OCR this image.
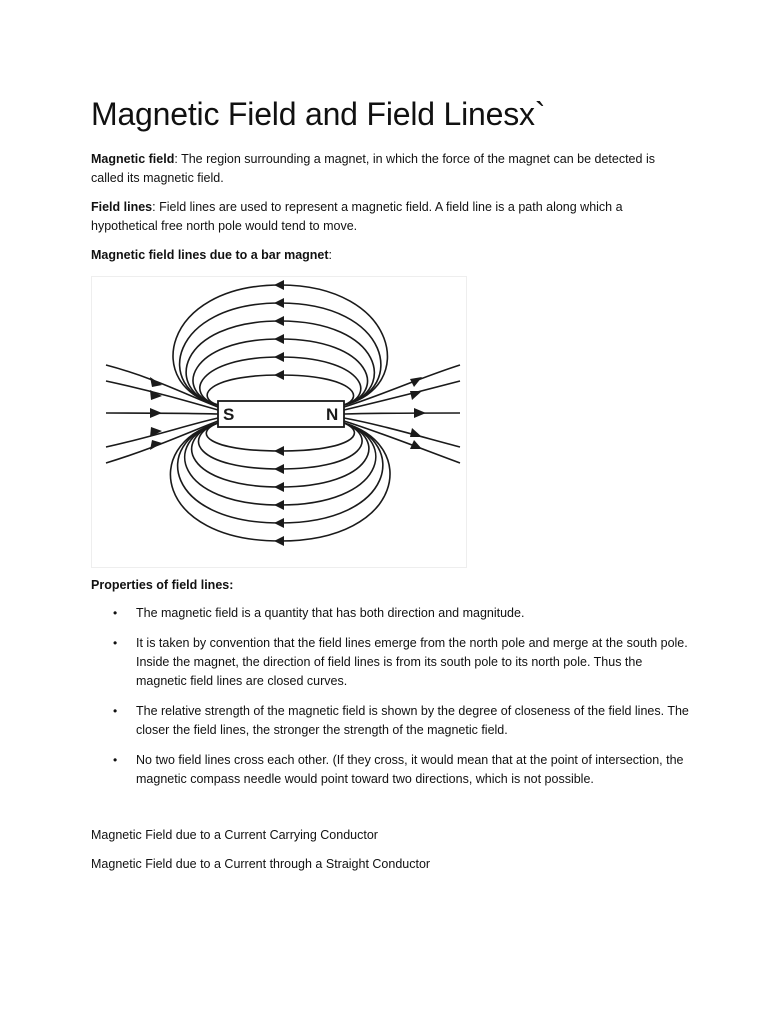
Magnetic Field and Field Linesx`

Magnetic field: The region surrounding a magnet, in which the force of the magnet can be detected is called its magnetic field.

Field lines: Field lines are used to represent a magnetic field. A field line is a path along which a hypothetical free north pole would tend to move.

Magnetic field lines due to a bar magnet:

S	N

Properties of field lines:

• The magnetic field is a quantity that has both direction and magnitude.
• It is taken by convention that the field lines emerge from the north pole and merge at the south pole. Inside the magnet, the direction of field lines is from its south pole to its north pole. Thus the magnetic field lines are closed curves.
• The relative strength of the magnetic field is shown by the degree of closeness of the field lines. The closer the field lines, the stronger the strength of the magnetic field.
• No two field lines cross each other. (If they cross, it would mean that at the point of intersection, the magnetic compass needle would point toward two directions, which is not possible.

Magnetic Field due to a Current Carrying Conductor

Magnetic Field due to a Current through a Straight Conductor
